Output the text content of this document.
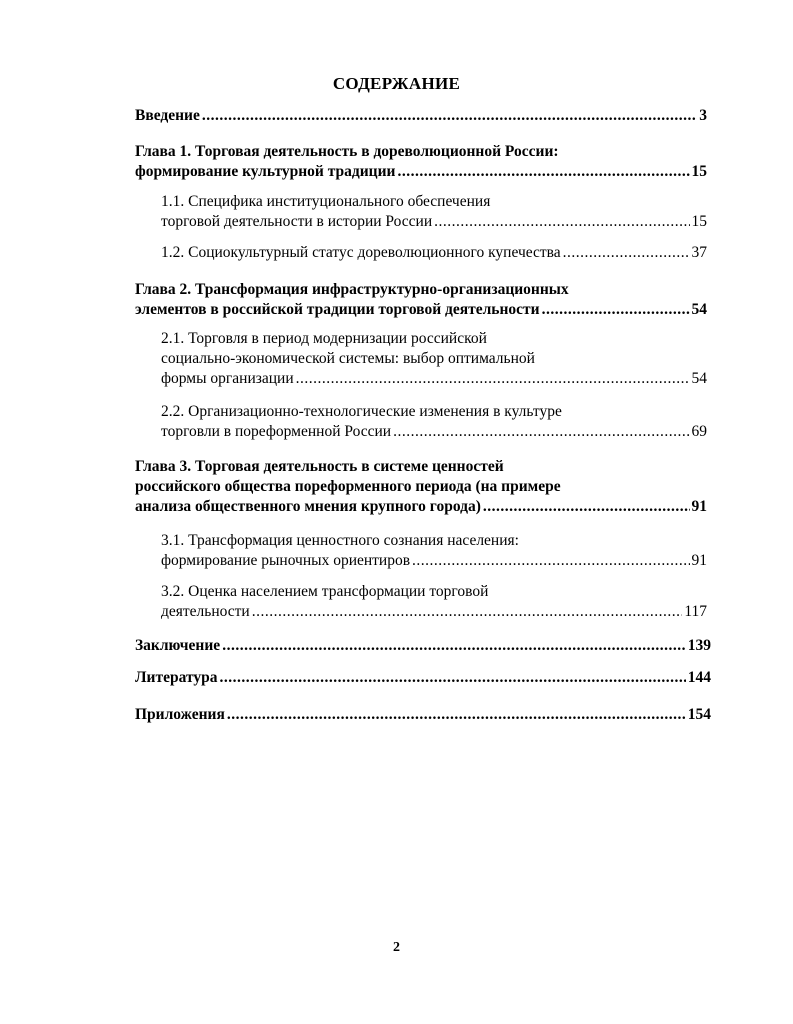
СОДЕРЖАНИЕ
Введение .....	3
Глава 1. Торговая деятельность в дореволюционной России:
формирование культурной традиции .....	15
1.1. Специфика институционального обеспечения
торговой деятельности в истории России .....	15
1.2. Социокультурный статус дореволюционного купечества .....	37
Глава 2. Трансформация инфраструктурно-организационных
элементов в российской традиции торговой деятельности .....	54
2.1. Торговля в период модернизации российской
социально-экономической системы: выбор оптимальной
формы организации .....	54
2.2. Организационно-технологические изменения в культуре
торговли в пореформенной России .....	69
Глава 3. Торговая деятельность в системе ценностей
российского общества пореформенного периода (на примере
анализа общественного мнения крупного города) .....	91
3.1. Трансформация ценностного сознания населения:
формирование рыночных ориентиров .....	91
3.2. Оценка населением трансформации торговой
деятельности .....	117
Заключение .....	139
Литература .....	144
Приложения .....	154
2
